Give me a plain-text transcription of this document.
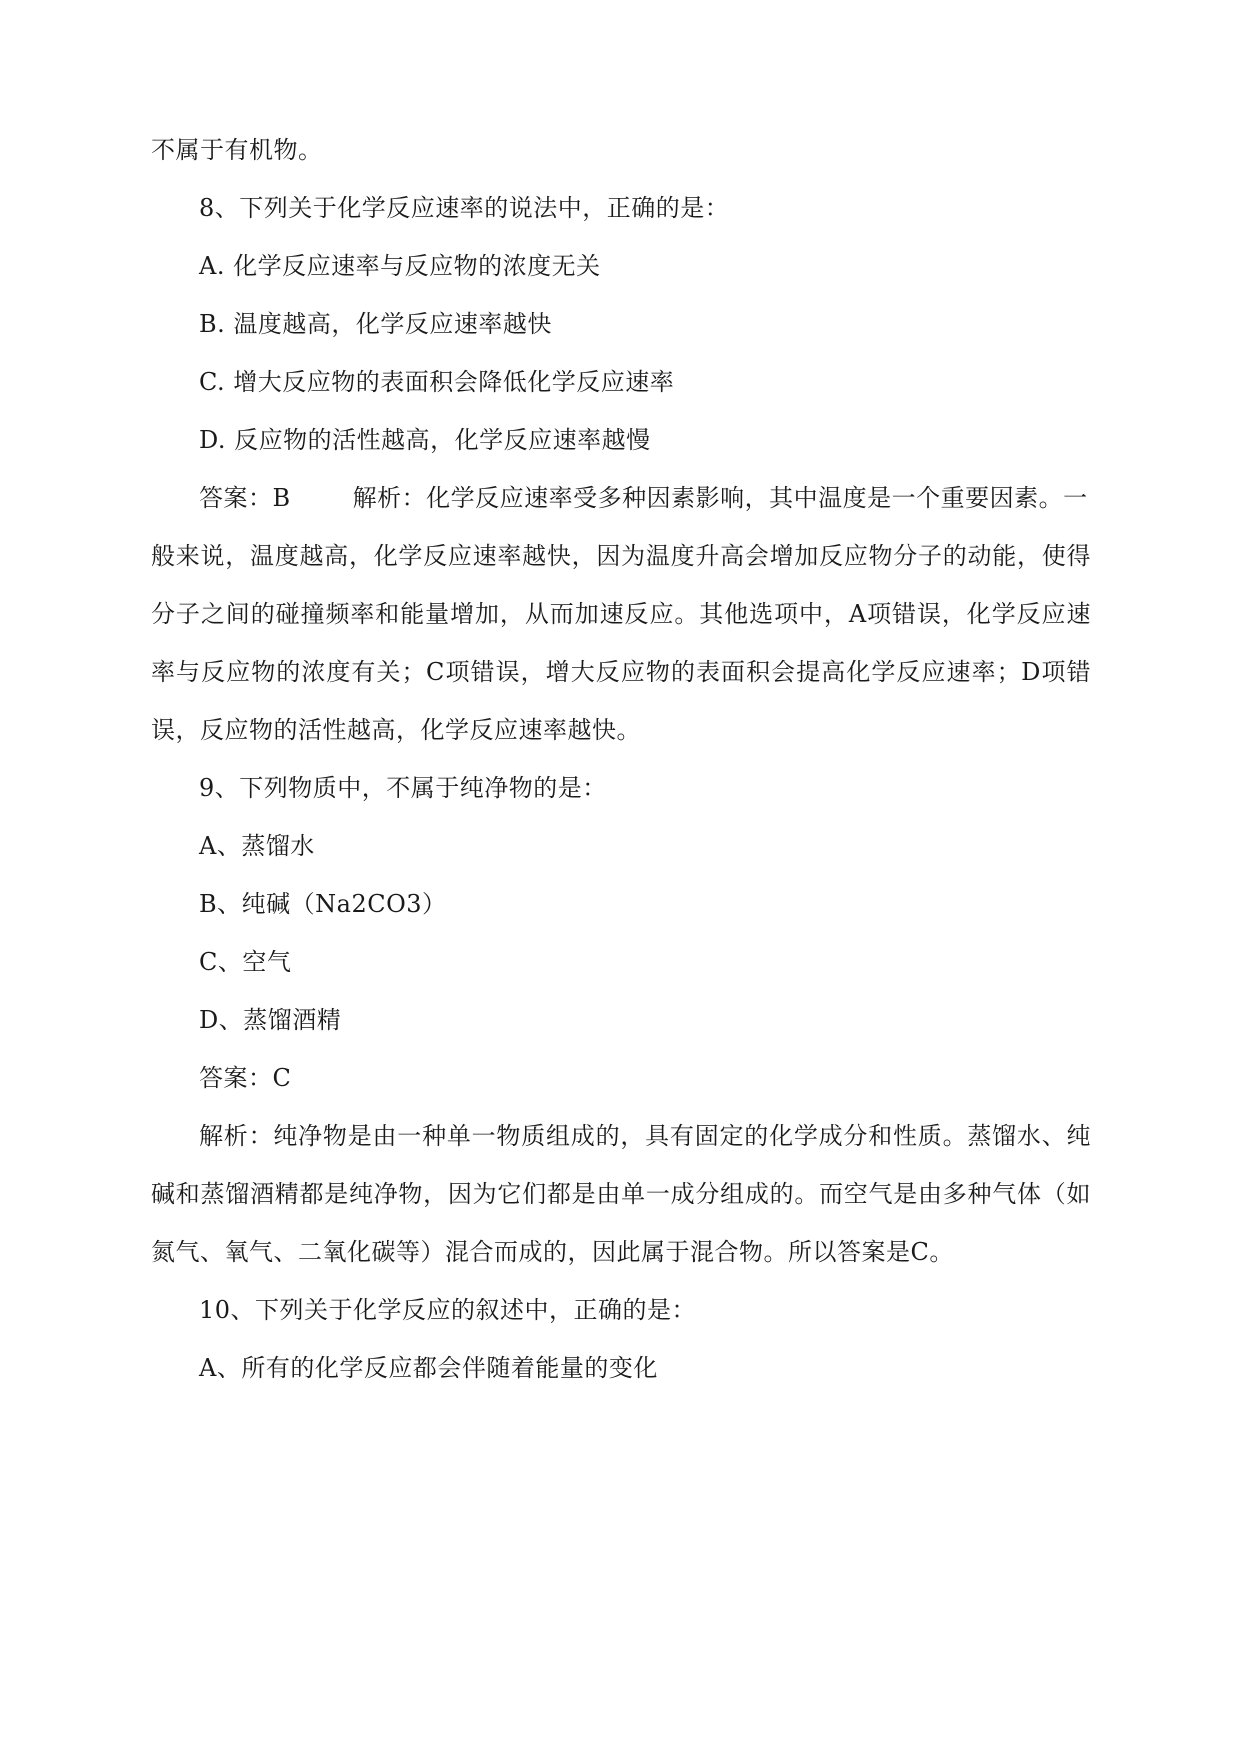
不属于有机物。
8、下列关于化学反应速率的说法中，正确的是：
A. 化学反应速率与反应物的浓度无关
B. 温度越高，化学反应速率越快
C. 增大反应物的表面积会降低化学反应速率
D. 反应物的活性越高，化学反应速率越慢
答案：B	解析：化学反应速率受多种因素影响，其中温度是一个重要因素。一
般来说，温度越高，化学反应速率越快，因为温度升高会增加反应物分子的动能，使得
分子之间的碰撞频率和能量增加，从而加速反应。其他选项中，A项错误，化学反应速
率与反应物的浓度有关；C项错误，增大反应物的表面积会提高化学反应速率；D项错
误，反应物的活性越高，化学反应速率越快。
9、下列物质中，不属于纯净物的是：
A、蒸馏水
B、纯碱（Na2CO3）
C、空气
D、蒸馏酒精
答案：C
解析：纯净物是由一种单一物质组成的，具有固定的化学成分和性质。蒸馏水、纯
碱和蒸馏酒精都是纯净物，因为它们都是由单一成分组成的。而空气是由多种气体（如
氮气、氧气、二氧化碳等）混合而成的，因此属于混合物。所以答案是C。
10、下列关于化学反应的叙述中，正确的是：
A、所有的化学反应都会伴随着能量的变化
